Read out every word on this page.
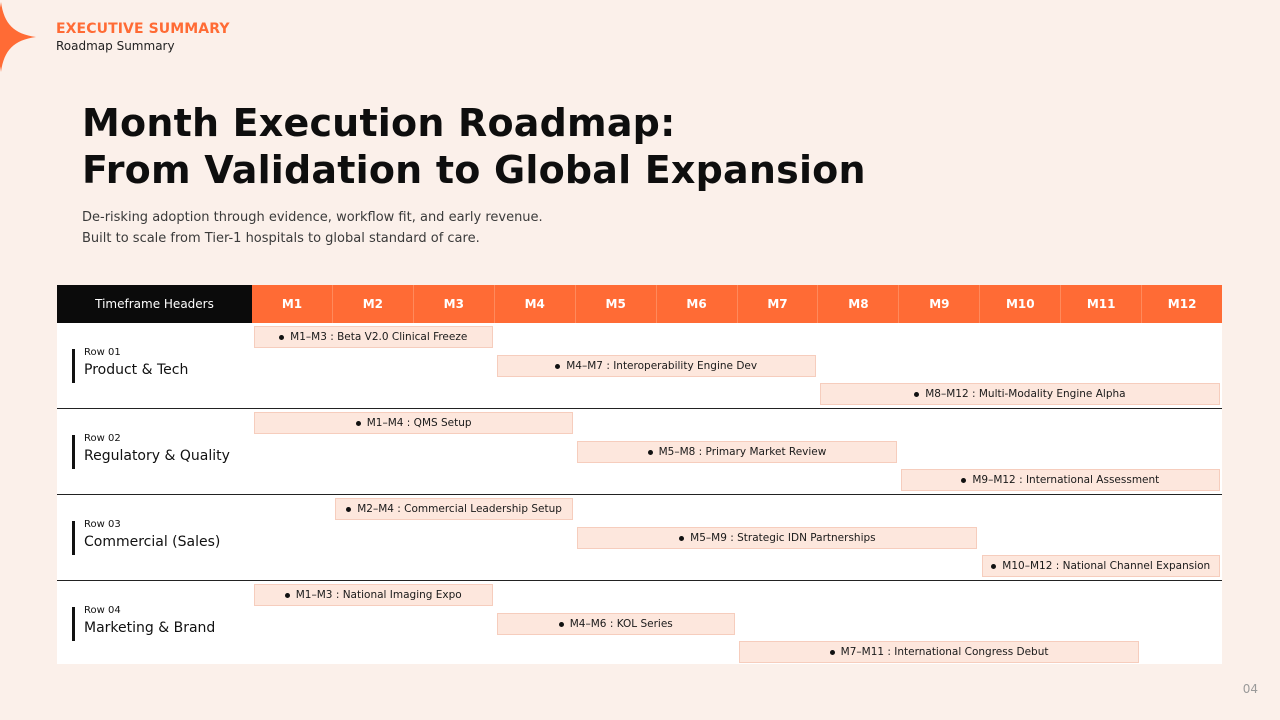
EXECUTIVE SUMMARY
Roadmap Summary
Month Execution Roadmap:
From Validation to Global Expansion
De-risking adoption through evidence, workflow fit, and early revenue.
Built to scale from Tier-1 hospitals to global standard of care.
Timeframe Headers	M1	M2	M3	M4	M5	M6	M7	M8	M9	M10	M11	M12
Row 01
Product & Tech
M1–M3 : Beta V2.0 Clinical Freeze
M4–M7 : Interoperability Engine Dev
M8–M12 : Multi-Modality Engine Alpha
Row 02
Regulatory & Quality
M1–M4 : QMS Setup
M5–M8 : Primary Market Review
M9–M12 : International Assessment
Row 03
Commercial (Sales)
M2–M4 : Commercial Leadership Setup
M5–M9 : Strategic IDN Partnerships
M10–M12 : National Channel Expansion
Row 04
Marketing & Brand
M1–M3 : National Imaging Expo
M4–M6 : KOL Series
M7–M11 : International Congress Debut
04
